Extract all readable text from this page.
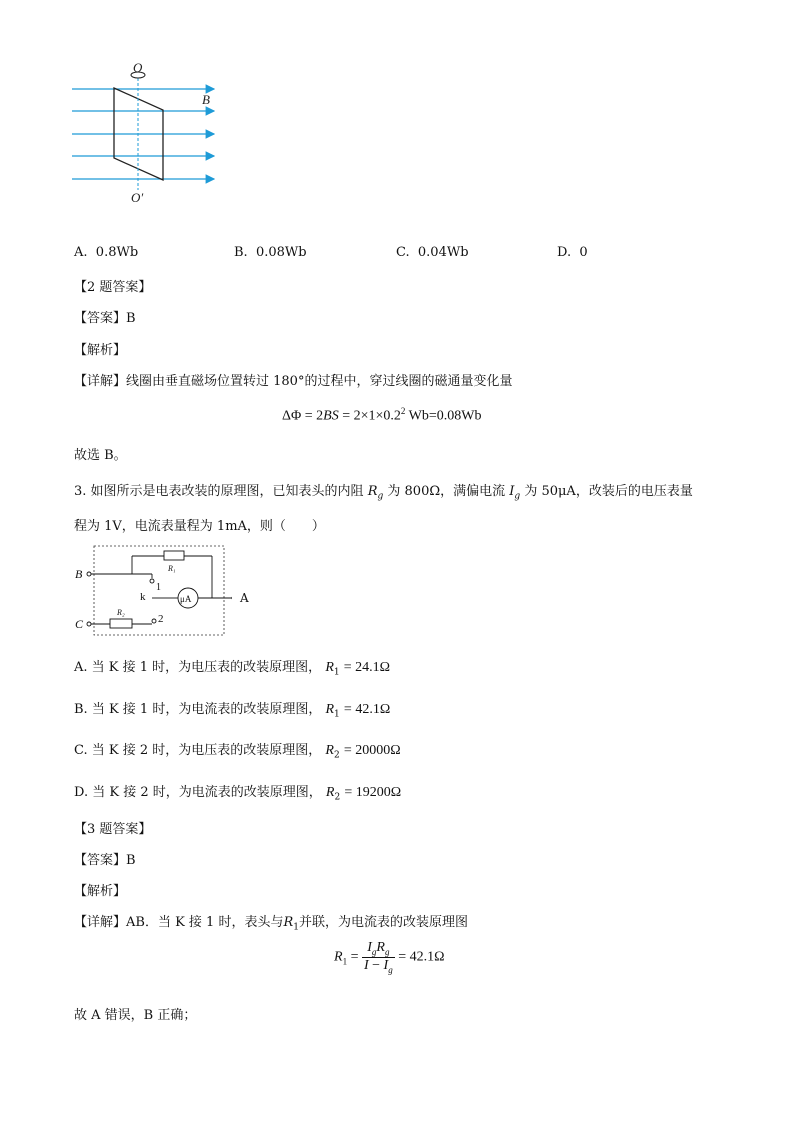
O
O′
B
A. 0.8Wb	B. 0.08Wb	C. 0.04Wb	D. 0
【2 题答案】
【答案】B
【解析】
【详解】线圈由垂直磁场位置转过 180°的过程中，穿过线圈的磁通量变化量
$\Delta\Phi = 2BS = 2\times 1\times 0.2^2$ Wb=0.08Wb
故选 B。
3. 如图所示是电表改装的原理图，已知表头的内阻 $R_g$ 为 800Ω，满偏电流 $I_g$ 为 50μA，改装后的电压表量
程为 1V，电流表量程为 1mA，则（　　）
B	R₁
1
k	μA
C
R₂
2
A
A. 当 K 接 1 时，为电压表的改装原理图， $R_1 = 24.1\Omega$
B. 当 K 接 1 时，为电流表的改装原理图， $R_1 = 42.1\Omega$
C. 当 K 接 2 时，为电压表的改装原理图， $R_2 = 20000\Omega$
D. 当 K 接 2 时，为电流表的改装原理图， $R_2 = 19200\Omega$
【3 题答案】
【答案】B
【解析】
【详解】AB．当 K 接 1 时，表头与$R_1$并联，为电流表的改装原理图
$R_1 = \frac{I_gR_g}{I - I_g} = 42.1\Omega$
故 A 错误，B 正确；
